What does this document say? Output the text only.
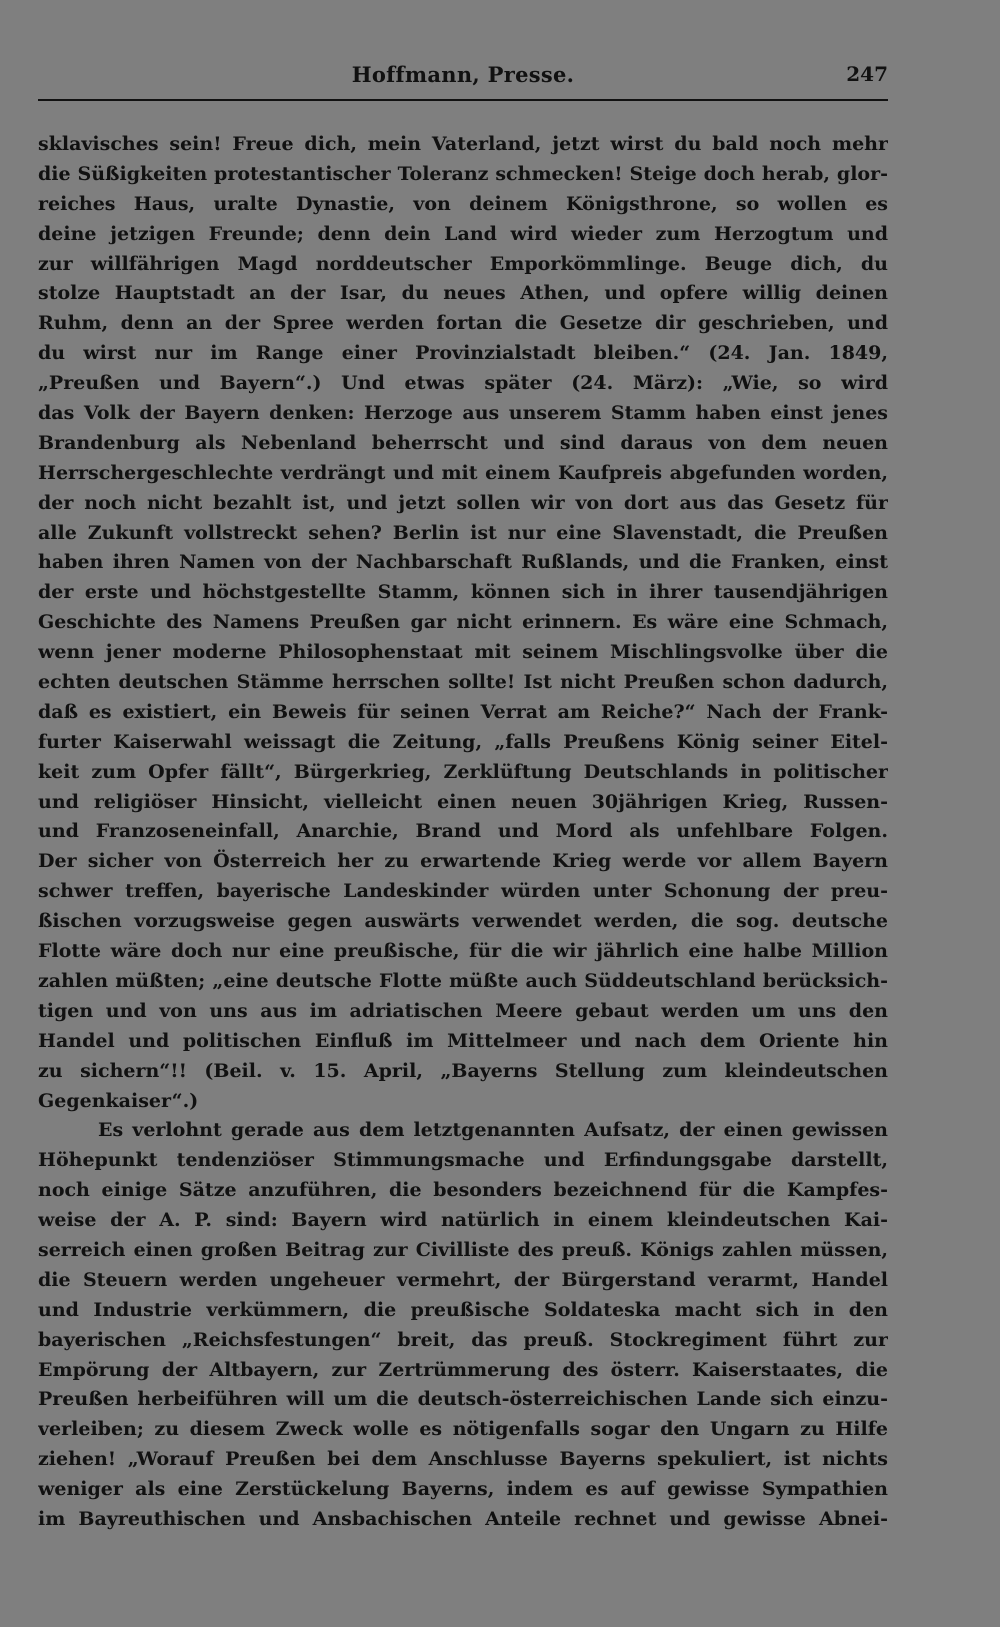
Hoffmann, Presse.	247
sklavisches sein! Freue dich, mein Vaterland, jetzt wirst du bald noch mehr
die Süßigkeiten protestantischer Toleranz schmecken! Steige doch herab, glor-
reiches Haus, uralte Dynastie, von deinem Königsthrone, so wollen es
deine jetzigen Freunde; denn dein Land wird wieder zum Herzogtum und
zur willfährigen Magd norddeutscher Emporkömmlinge. Beuge dich, du
stolze Hauptstadt an der Isar, du neues Athen, und opfere willig deinen
Ruhm, denn an der Spree werden fortan die Gesetze dir geschrieben, und
du wirst nur im Range einer Provinzialstadt bleiben.“ (24. Jan. 1849,
„Preußen und Bayern“.) Und etwas später (24. März): „Wie, so wird
das Volk der Bayern denken: Herzoge aus unserem Stamm haben einst jenes
Brandenburg als Nebenland beherrscht und sind daraus von dem neuen
Herrschergeschlechte verdrängt und mit einem Kaufpreis abgefunden worden,
der noch nicht bezahlt ist, und jetzt sollen wir von dort aus das Gesetz für
alle Zukunft vollstreckt sehen? Berlin ist nur eine Slavenstadt, die Preußen
haben ihren Namen von der Nachbarschaft Rußlands, und die Franken, einst
der erste und höchstgestellte Stamm, können sich in ihrer tausendjährigen
Geschichte des Namens Preußen gar nicht erinnern. Es wäre eine Schmach,
wenn jener moderne Philosophenstaat mit seinem Mischlingsvolke über die
echten deutschen Stämme herrschen sollte! Ist nicht Preußen schon dadurch,
daß es existiert, ein Beweis für seinen Verrat am Reiche?“ Nach der Frank-
furter Kaiserwahl weissagt die Zeitung, „falls Preußens König seiner Eitel-
keit zum Opfer fällt“, Bürgerkrieg, Zerklüftung Deutschlands in politischer
und religiöser Hinsicht, vielleicht einen neuen 30jährigen Krieg, Russen-
und Franzoseneinfall, Anarchie, Brand und Mord als unfehlbare Folgen.
Der sicher von Österreich her zu erwartende Krieg werde vor allem Bayern
schwer treffen, bayerische Landeskinder würden unter Schonung der preu-
ßischen vorzugsweise gegen auswärts verwendet werden, die sog. deutsche
Flotte wäre doch nur eine preußische, für die wir jährlich eine halbe Million
zahlen müßten; „eine deutsche Flotte müßte auch Süddeutschland berücksich-
tigen und von uns aus im adriatischen Meere gebaut werden um uns den
Handel und politischen Einfluß im Mittelmeer und nach dem Oriente hin
zu sichern“!! (Beil. v. 15. April, „Bayerns Stellung zum kleindeutschen
Gegenkaiser“.)
Es verlohnt gerade aus dem letztgenannten Aufsatz, der einen gewissen
Höhepunkt tendenziöser Stimmungsmache und Erfindungsgabe darstellt,
noch einige Sätze anzuführen, die besonders bezeichnend für die Kampfes-
weise der A. P. sind: Bayern wird natürlich in einem kleindeutschen Kai-
serreich einen großen Beitrag zur Civilliste des preuß. Königs zahlen müssen,
die Steuern werden ungeheuer vermehrt, der Bürgerstand verarmt, Handel
und Industrie verkümmern, die preußische Soldateska macht sich in den
bayerischen „Reichsfestungen“ breit, das preuß. Stockregiment führt zur
Empörung der Altbayern, zur Zertrümmerung des österr. Kaiserstaates, die
Preußen herbeiführen will um die deutsch-österreichischen Lande sich einzu-
verleiben; zu diesem Zweck wolle es nötigenfalls sogar den Ungarn zu Hilfe
ziehen! „Worauf Preußen bei dem Anschlusse Bayerns spekuliert, ist nichts
weniger als eine Zerstückelung Bayerns, indem es auf gewisse Sympathien
im Bayreuthischen und Ansbachischen Anteile rechnet und gewisse Abnei-
